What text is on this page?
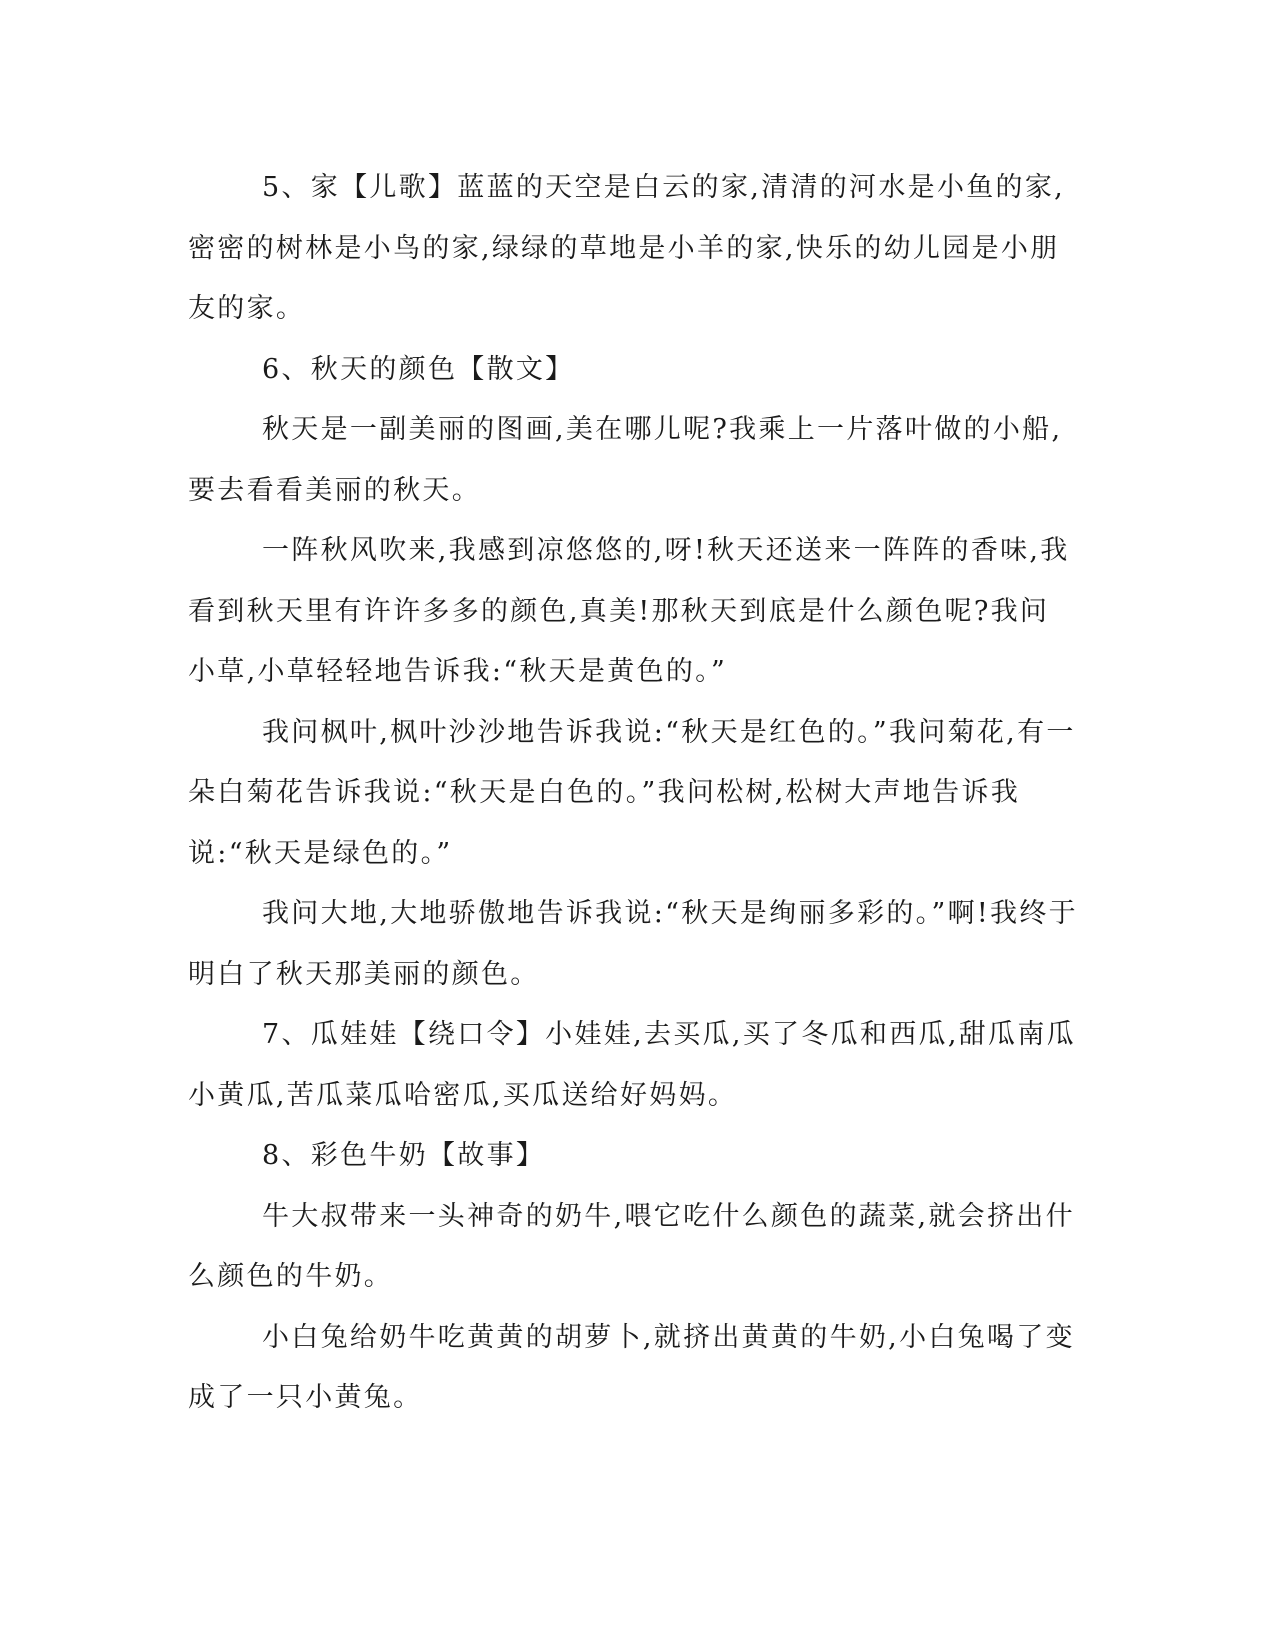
5、家【儿歌】蓝蓝的天空是白云的家,清清的河水是小鱼的家,密密的树林是小鸟的家,绿绿的草地是小羊的家,快乐的幼儿园是小朋友的家。

6、秋天的颜色【散文】

秋天是一副美丽的图画,美在哪儿呢?我乘上一片落叶做的小船,要去看看美丽的秋天。

一阵秋风吹来,我感到凉悠悠的,呀!秋天还送来一阵阵的香味,我看到秋天里有许许多多的颜色,真美!那秋天到底是什么颜色呢?我问小草,小草轻轻地告诉我:“秋天是黄色的。”

我问枫叶,枫叶沙沙地告诉我说:“秋天是红色的。”我问菊花,有一朵白菊花告诉我说:“秋天是白色的。”我问松树,松树大声地告诉我说:“秋天是绿色的。”

我问大地,大地骄傲地告诉我说:“秋天是绚丽多彩的。”啊!我终于明白了秋天那美丽的颜色。

7、瓜娃娃【绕口令】小娃娃,去买瓜,买了冬瓜和西瓜,甜瓜南瓜小黄瓜,苦瓜菜瓜哈密瓜,买瓜送给好妈妈。

8、彩色牛奶【故事】

牛大叔带来一头神奇的奶牛,喂它吃什么颜色的蔬菜,就会挤出什么颜色的牛奶。

小白兔给奶牛吃黄黄的胡萝卜,就挤出黄黄的牛奶,小白兔喝了变成了一只小黄兔。
